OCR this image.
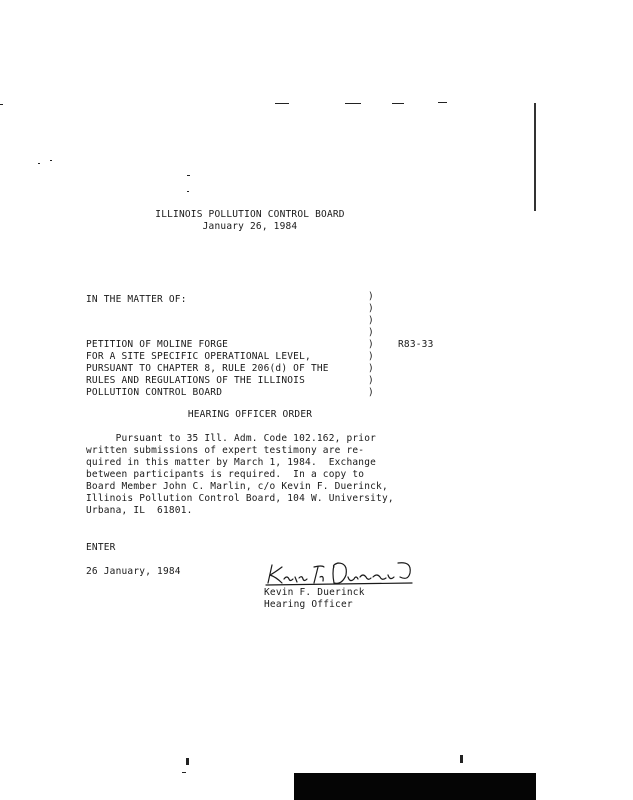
ILLINOIS POLLUTION CONTROL BOARD
January 26, 1984
IN THE MATTER OF:
PETITION OF MOLINE FORGE
FOR A SITE SPECIFIC OPERATIONAL LEVEL,
PURSUANT TO CHAPTER 8, RULE 206(d) OF THE
RULES AND REGULATIONS OF THE ILLINOIS
POLLUTION CONTROL BOARD
)
)
)
)
)
)
)
)
)
R83-33
HEARING OFFICER ORDER
Pursuant to 35 Ill. Adm. Code 102.162, prior
written submissions of expert testimony are re-
quired in this matter by March 1, 1984.  Exchange
between participants is required.  In a copy to
Board Member John C. Marlin, c/o Kevin F. Duerinck,
Illinois Pollution Control Board, 104 W. University,
Urbana, IL  61801.
ENTER
26 January, 1984
Kevin F. Duerinck
Hearing Officer
